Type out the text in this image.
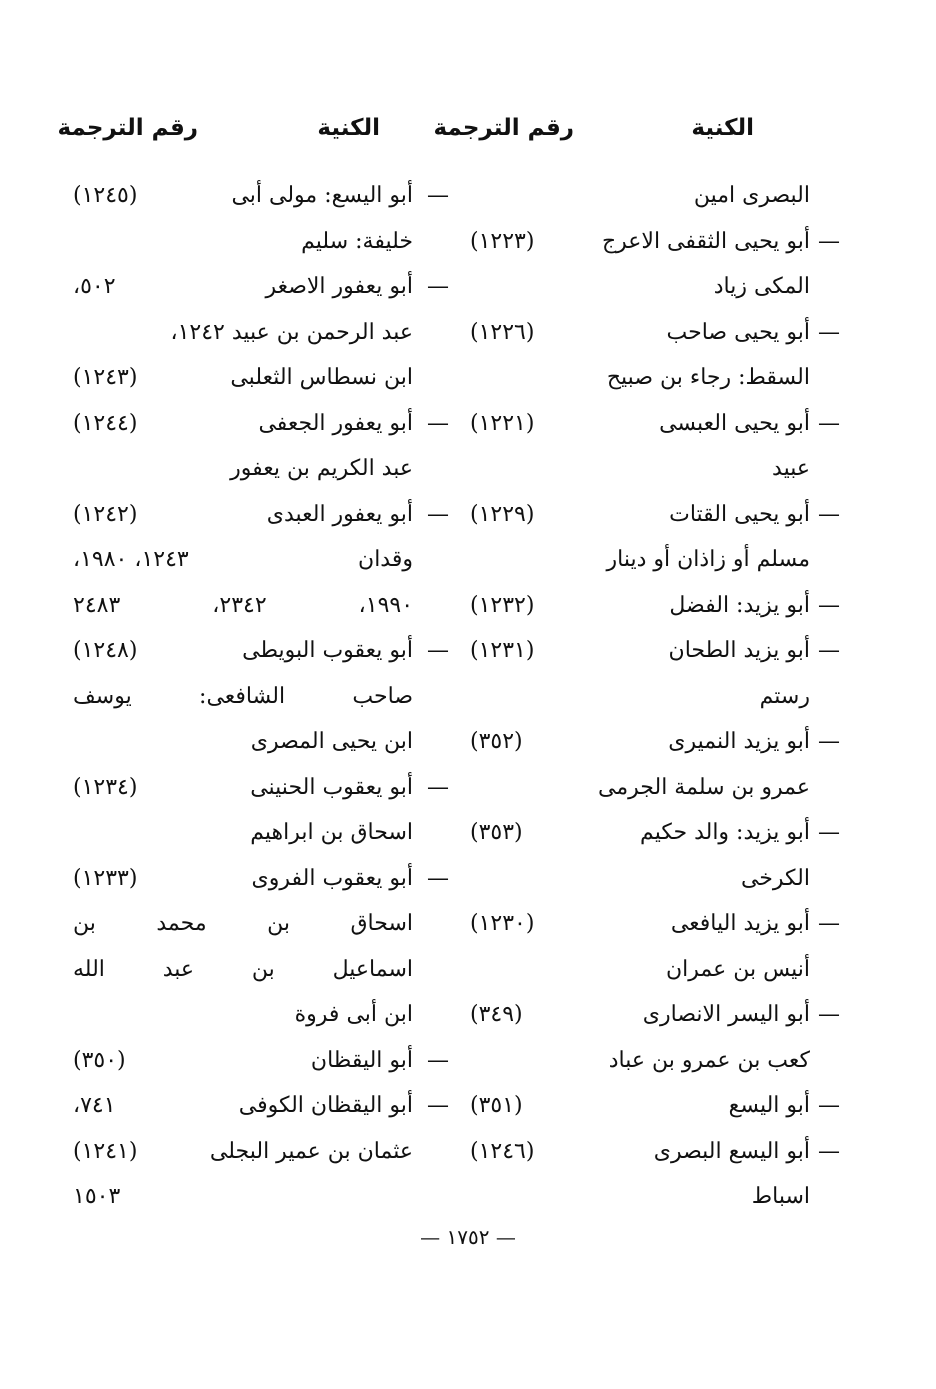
الكنية
رقم الترجمة
الكنية
رقم الترجمة
البصرى امين
—
أبو يحيى الثقفى الاعرج
(١٢٢٣)
المكى زياد
—
أبو يحيى صاحب
(١٢٢٦)
السقط: رجاء بن صبيح
—
أبو يحيى العبسى
(١٢٢١)
عبيد
—
أبو يحيى القتات
(١٢٢٩)
مسلم أو زاذان أو دينار
—
أبو يزيد: الفضل
(١٢٣٢)
—
أبو يزيد الطحان
(١٢٣١)
رستم
—
أبو يزيد النميرى
(٣٥٢)
عمرو بن سلمة الجرمى
—
أبو يزيد: والد حكيم
(٣٥٣)
الكرخى
—
أبو يزيد اليافعى
(١٢٣٠)
أنيس بن عمران
—
أبو اليسر الانصارى
(٣٤٩)
كعب بن عمرو بن عباد
—
أبو اليسع
(٣٥١)
—
أبو اليسع البصرى
(١٢٤٦)
اسباط
—
أبو اليسع: مولى أبى
(١٢٤٥)
خليفة: سليم
—
أبو يعفور الاصغر
٥٠٢،
عبد الرحمن بن عبيد ١٢٤٢،
ابن نسطاس الثعلبى
(١٢٤٣)
—
أبو يعفور الجعفى
(١٢٤٤)
عبد الكريم بن يعفور
—
أبو يعفور العبدى
(١٢٤٢)
وقدان
١٢٤٣، ١٩٨٠،
١٩٩٠، ٢٣٤٢، ٢٤٨٣
—
أبو يعقوب البويطى
(١٢٤٨)
صاحب الشافعى: يوسف
ابن يحيى المصرى
—
أبو يعقوب الحنينى
(١٢٣٤)
اسحاق بن ابراهيم
—
أبو يعقوب الفروى
(١٢٣٣)
اسحاق بن محمد بن
اسماعيل بن عبد الله
ابن أبى فروة
—
أبو اليقظان
(٣٥٠)
—
أبو اليقظان الكوفى
٧٤١،
عثمان بن عمير البجلى
(١٢٤١)
١٥٠٣
— ١٧٥٢ —
